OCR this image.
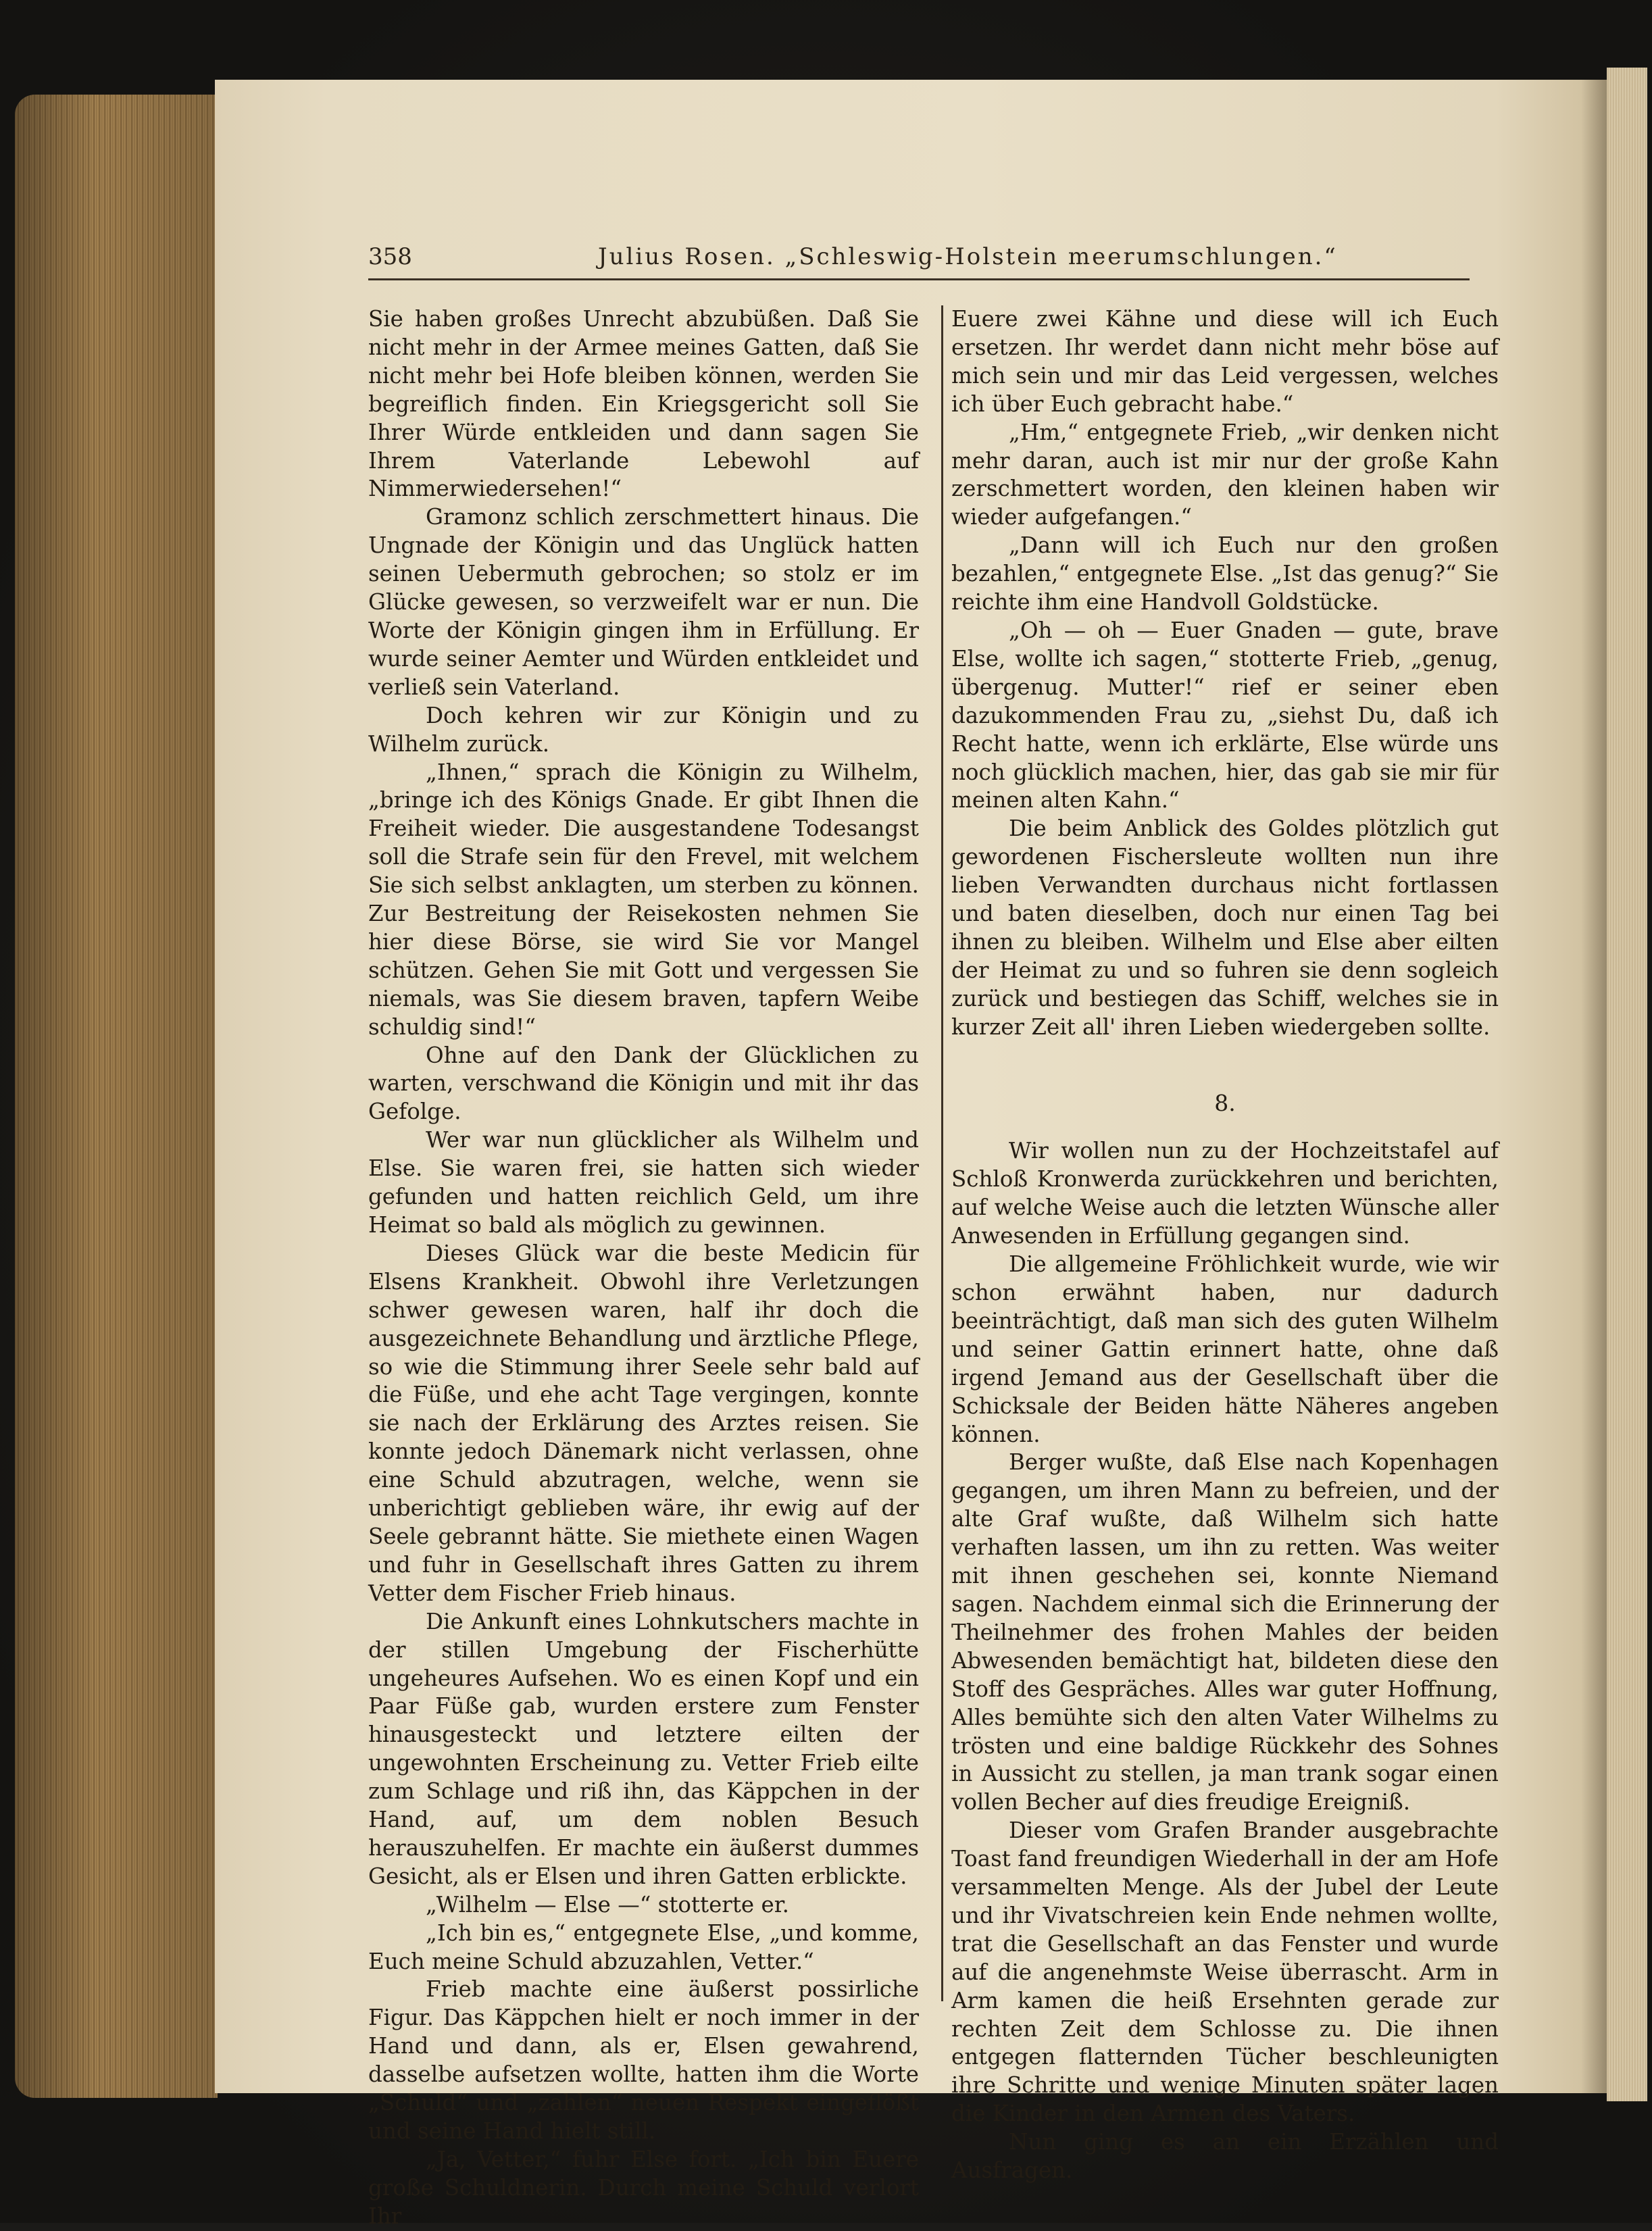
358	Julius Rosen. „Schleswig-Holstein meerumschlungen.“

Sie haben großes Unrecht abzubüßen. Daß Sie nicht mehr in der Armee meines Gatten, daß Sie nicht mehr bei Hofe bleiben können, werden Sie begreiflich finden. Ein Kriegsgericht soll Sie Ihrer Würde entkleiden und dann sagen Sie Ihrem Vaterlande Lebewohl auf Nimmerwiedersehen!“

Gramonz schlich zerschmettert hinaus. Die Ungnade der Königin und das Unglück hatten seinen Uebermuth gebrochen; so stolz er im Glücke gewesen, so verzweifelt war er nun. Die Worte der Königin gingen ihm in Erfüllung. Er wurde seiner Aemter und Würden entkleidet und verließ sein Vaterland.

Doch kehren wir zur Königin und zu Wilhelm zurück.

„Ihnen,“ sprach die Königin zu Wilhelm, „bringe ich des Königs Gnade. Er gibt Ihnen die Freiheit wieder. Die ausgestandene Todesangst soll die Strafe sein für den Frevel, mit welchem Sie sich selbst anklagten, um sterben zu können. Zur Bestreitung der Reisekosten nehmen Sie hier diese Börse, sie wird Sie vor Mangel schützen. Gehen Sie mit Gott und vergessen Sie niemals, was Sie diesem braven, tapfern Weibe schuldig sind!“

Ohne auf den Dank der Glücklichen zu warten, verschwand die Königin und mit ihr das Gefolge.

Wer war nun glücklicher als Wilhelm und Else. Sie waren frei, sie hatten sich wieder gefunden und hatten reichlich Geld, um ihre Heimat so bald als möglich zu gewinnen.

Dieses Glück war die beste Medicin für Elsens Krankheit. Obwohl ihre Verletzungen schwer gewesen waren, half ihr doch die ausgezeichnete Behandlung und ärztliche Pflege, so wie die Stimmung ihrer Seele sehr bald auf die Füße, und ehe acht Tage vergingen, konnte sie nach der Erklärung des Arztes reisen. Sie konnte jedoch Dänemark nicht verlassen, ohne eine Schuld abzutragen, welche, wenn sie unberichtigt geblieben wäre, ihr ewig auf der Seele gebrannt hätte. Sie miethete einen Wagen und fuhr in Gesellschaft ihres Gatten zu ihrem Vetter dem Fischer Frieb hinaus.

Die Ankunft eines Lohnkutschers machte in der stillen Umgebung der Fischerhütte ungeheures Aufsehen. Wo es einen Kopf und ein Paar Füße gab, wurden erstere zum Fenster hinausgesteckt und letztere eilten der ungewohnten Erscheinung zu. Vetter Frieb eilte zum Schlage und riß ihn, das Käppchen in der Hand, auf, um dem noblen Besuch herauszuhelfen. Er machte ein äußerst dummes Gesicht, als er Elsen und ihren Gatten erblickte.

„Wilhelm — Else —“ stotterte er.

„Ich bin es,“ entgegnete Else, „und komme, Euch meine Schuld abzuzahlen, Vetter.“

Frieb machte eine äußerst possirliche Figur. Das Käppchen hielt er noch immer in der Hand und dann, als er, Elsen gewahrend, dasselbe aufsetzen wollte, hatten ihm die Worte „Schuld“ und „zahlen“ neuen Respekt eingeflößt und seine Hand hielt still.

„Ja, Vetter,“ fuhr Else fort. „Ich bin Euere große Schuldnerin. Durch meine Schuld verlort Ihr

Euere zwei Kähne und diese will ich Euch ersetzen. Ihr werdet dann nicht mehr böse auf mich sein und mir das Leid vergessen, welches ich über Euch gebracht habe.“

„Hm,“ entgegnete Frieb, „wir denken nicht mehr daran, auch ist mir nur der große Kahn zerschmettert worden, den kleinen haben wir wieder aufgefangen.“

„Dann will ich Euch nur den großen bezahlen,“ entgegnete Else. „Ist das genug?“ Sie reichte ihm eine Handvoll Goldstücke.

„Oh — oh — Euer Gnaden — gute, brave Else, wollte ich sagen,“ stotterte Frieb, „genug, übergenug. Mutter!“ rief er seiner eben dazukommenden Frau zu, „siehst Du, daß ich Recht hatte, wenn ich erklärte, Else würde uns noch glücklich machen, hier, das gab sie mir für meinen alten Kahn.“

Die beim Anblick des Goldes plötzlich gut gewordenen Fischersleute wollten nun ihre lieben Verwandten durchaus nicht fortlassen und baten dieselben, doch nur einen Tag bei ihnen zu bleiben. Wilhelm und Else aber eilten der Heimat zu und so fuhren sie denn sogleich zurück und bestiegen das Schiff, welches sie in kurzer Zeit all' ihren Lieben wiedergeben sollte.

8.

Wir wollen nun zu der Hochzeitstafel auf Schloß Kronwerda zurückkehren und berichten, auf welche Weise auch die letzten Wünsche aller Anwesenden in Erfüllung gegangen sind.

Die allgemeine Fröhlichkeit wurde, wie wir schon erwähnt haben, nur dadurch beeinträchtigt, daß man sich des guten Wilhelm und seiner Gattin erinnert hatte, ohne daß irgend Jemand aus der Gesellschaft über die Schicksale der Beiden hätte Näheres angeben können.

Berger wußte, daß Else nach Kopenhagen gegangen, um ihren Mann zu befreien, und der alte Graf wußte, daß Wilhelm sich hatte verhaften lassen, um ihn zu retten. Was weiter mit ihnen geschehen sei, konnte Niemand sagen. Nachdem einmal sich die Erinnerung der Theilnehmer des frohen Mahles der beiden Abwesenden bemächtigt hat, bildeten diese den Stoff des Gespräches. Alles war guter Hoffnung, Alles bemühte sich den alten Vater Wilhelms zu trösten und eine baldige Rückkehr des Sohnes in Aussicht zu stellen, ja man trank sogar einen vollen Becher auf dies freudige Ereigniß.

Dieser vom Grafen Brander ausgebrachte Toast fand freundigen Wiederhall in der am Hofe versammelten Menge. Als der Jubel der Leute und ihr Vivatschreien kein Ende nehmen wollte, trat die Gesellschaft an das Fenster und wurde auf die angenehmste Weise überrascht. Arm in Arm kamen die heiß Ersehnten gerade zur rechten Zeit dem Schlosse zu. Die ihnen entgegen flatternden Tücher beschleunigten ihre Schritte und wenige Minuten später lagen die Kinder in den Armen des Vaters.

Nun ging es an ein Erzählen und Ausfragen.
